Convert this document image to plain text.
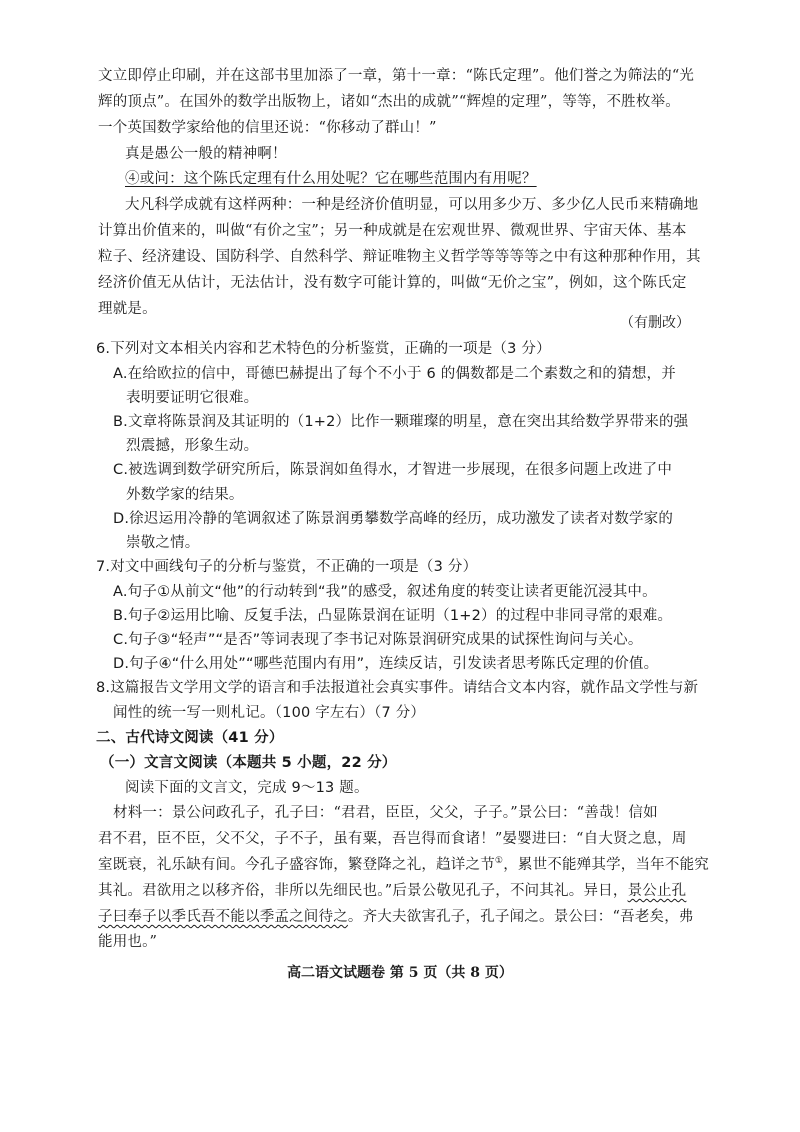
文立即停止印刷，并在这部书里加添了一章，第十一章：“陈氏定理”。他们誉之为筛法的“光
辉的顶点”。在国外的数学出版物上，诸如“杰出的成就”“辉煌的定理”，等等，不胜枚举。
一个英国数学家给他的信里还说：“你移动了群山！”
真是愚公一般的精神啊！
④或问：这个陈氏定理有什么用处呢？它在哪些范围内有用呢？
大凡科学成就有这样两种：一种是经济价值明显，可以用多少万、多少亿人民币来精确地
计算出价值来的，叫做“有价之宝”；另一种成就是在宏观世界、微观世界、宇宙天体、基本
粒子、经济建设、国防科学、自然科学、辩证唯物主义哲学等等等等之中有这种那种作用，其
经济价值无从估计，无法估计，没有数字可能计算的，叫做“无价之宝”，例如，这个陈氏定
理就是。
（有删改）
6.下列对文本相关内容和艺术特色的分析鉴赏，正确的一项是（3 分）
A.在给欧拉的信中，哥德巴赫提出了每个不小于 6 的偶数都是二个素数之和的猜想，并
表明要证明它很难。
B.文章将陈景润及其证明的（1+2）比作一颗璀璨的明星，意在突出其给数学界带来的强
烈震撼，形象生动。
C.被选调到数学研究所后，陈景润如鱼得水，才智进一步展现，在很多问题上改进了中
外数学家的结果。
D.徐迟运用冷静的笔调叙述了陈景润勇攀数学高峰的经历，成功激发了读者对数学家的
崇敬之情。
7.对文中画线句子的分析与鉴赏，不正确的一项是（3 分）
A.句子①从前文“他”的行动转到“我”的感受，叙述角度的转变让读者更能沉浸其中。
B.句子②运用比喻、反复手法，凸显陈景润在证明（1+2）的过程中非同寻常的艰难。
C.句子③“轻声”“是否”等词表现了李书记对陈景润研究成果的试探性询问与关心。
D.句子④“什么用处”“哪些范围内有用”，连续反诘，引发读者思考陈氏定理的价值。
8.这篇报告文学用文学的语言和手法报道社会真实事件。请结合文本内容，就作品文学性与新
闻性的统一写一则札记。（100 字左右）（7 分）
二、古代诗文阅读（41 分）
（一）文言文阅读（本题共 5 小题，22 分）
阅读下面的文言文，完成 9～13 题。
材料一：景公问政孔子，孔子曰：“君君，臣臣，父父，子子。”景公曰：“善哉！信如
君不君，臣不臣，父不父，子不子，虽有粟，吾岂得而食诸！”晏婴进曰：“自大贤之息，周
室既衰，礼乐缺有间。今孔子盛容饰，繁登降之礼，趋详之节①，累世不能殚其学，当年不能究
其礼。君欲用之以移齐俗，非所以先细民也。”后景公敬见孔子，不问其礼。异日，景公止孔
高二语文试题卷 第 5 页（共 8 页）
子曰奉子以季氏吾不能以季孟之间待之。齐大夫欲害孔子，孔子闻之。景公曰：“吾老矣，弗
能用也。”
